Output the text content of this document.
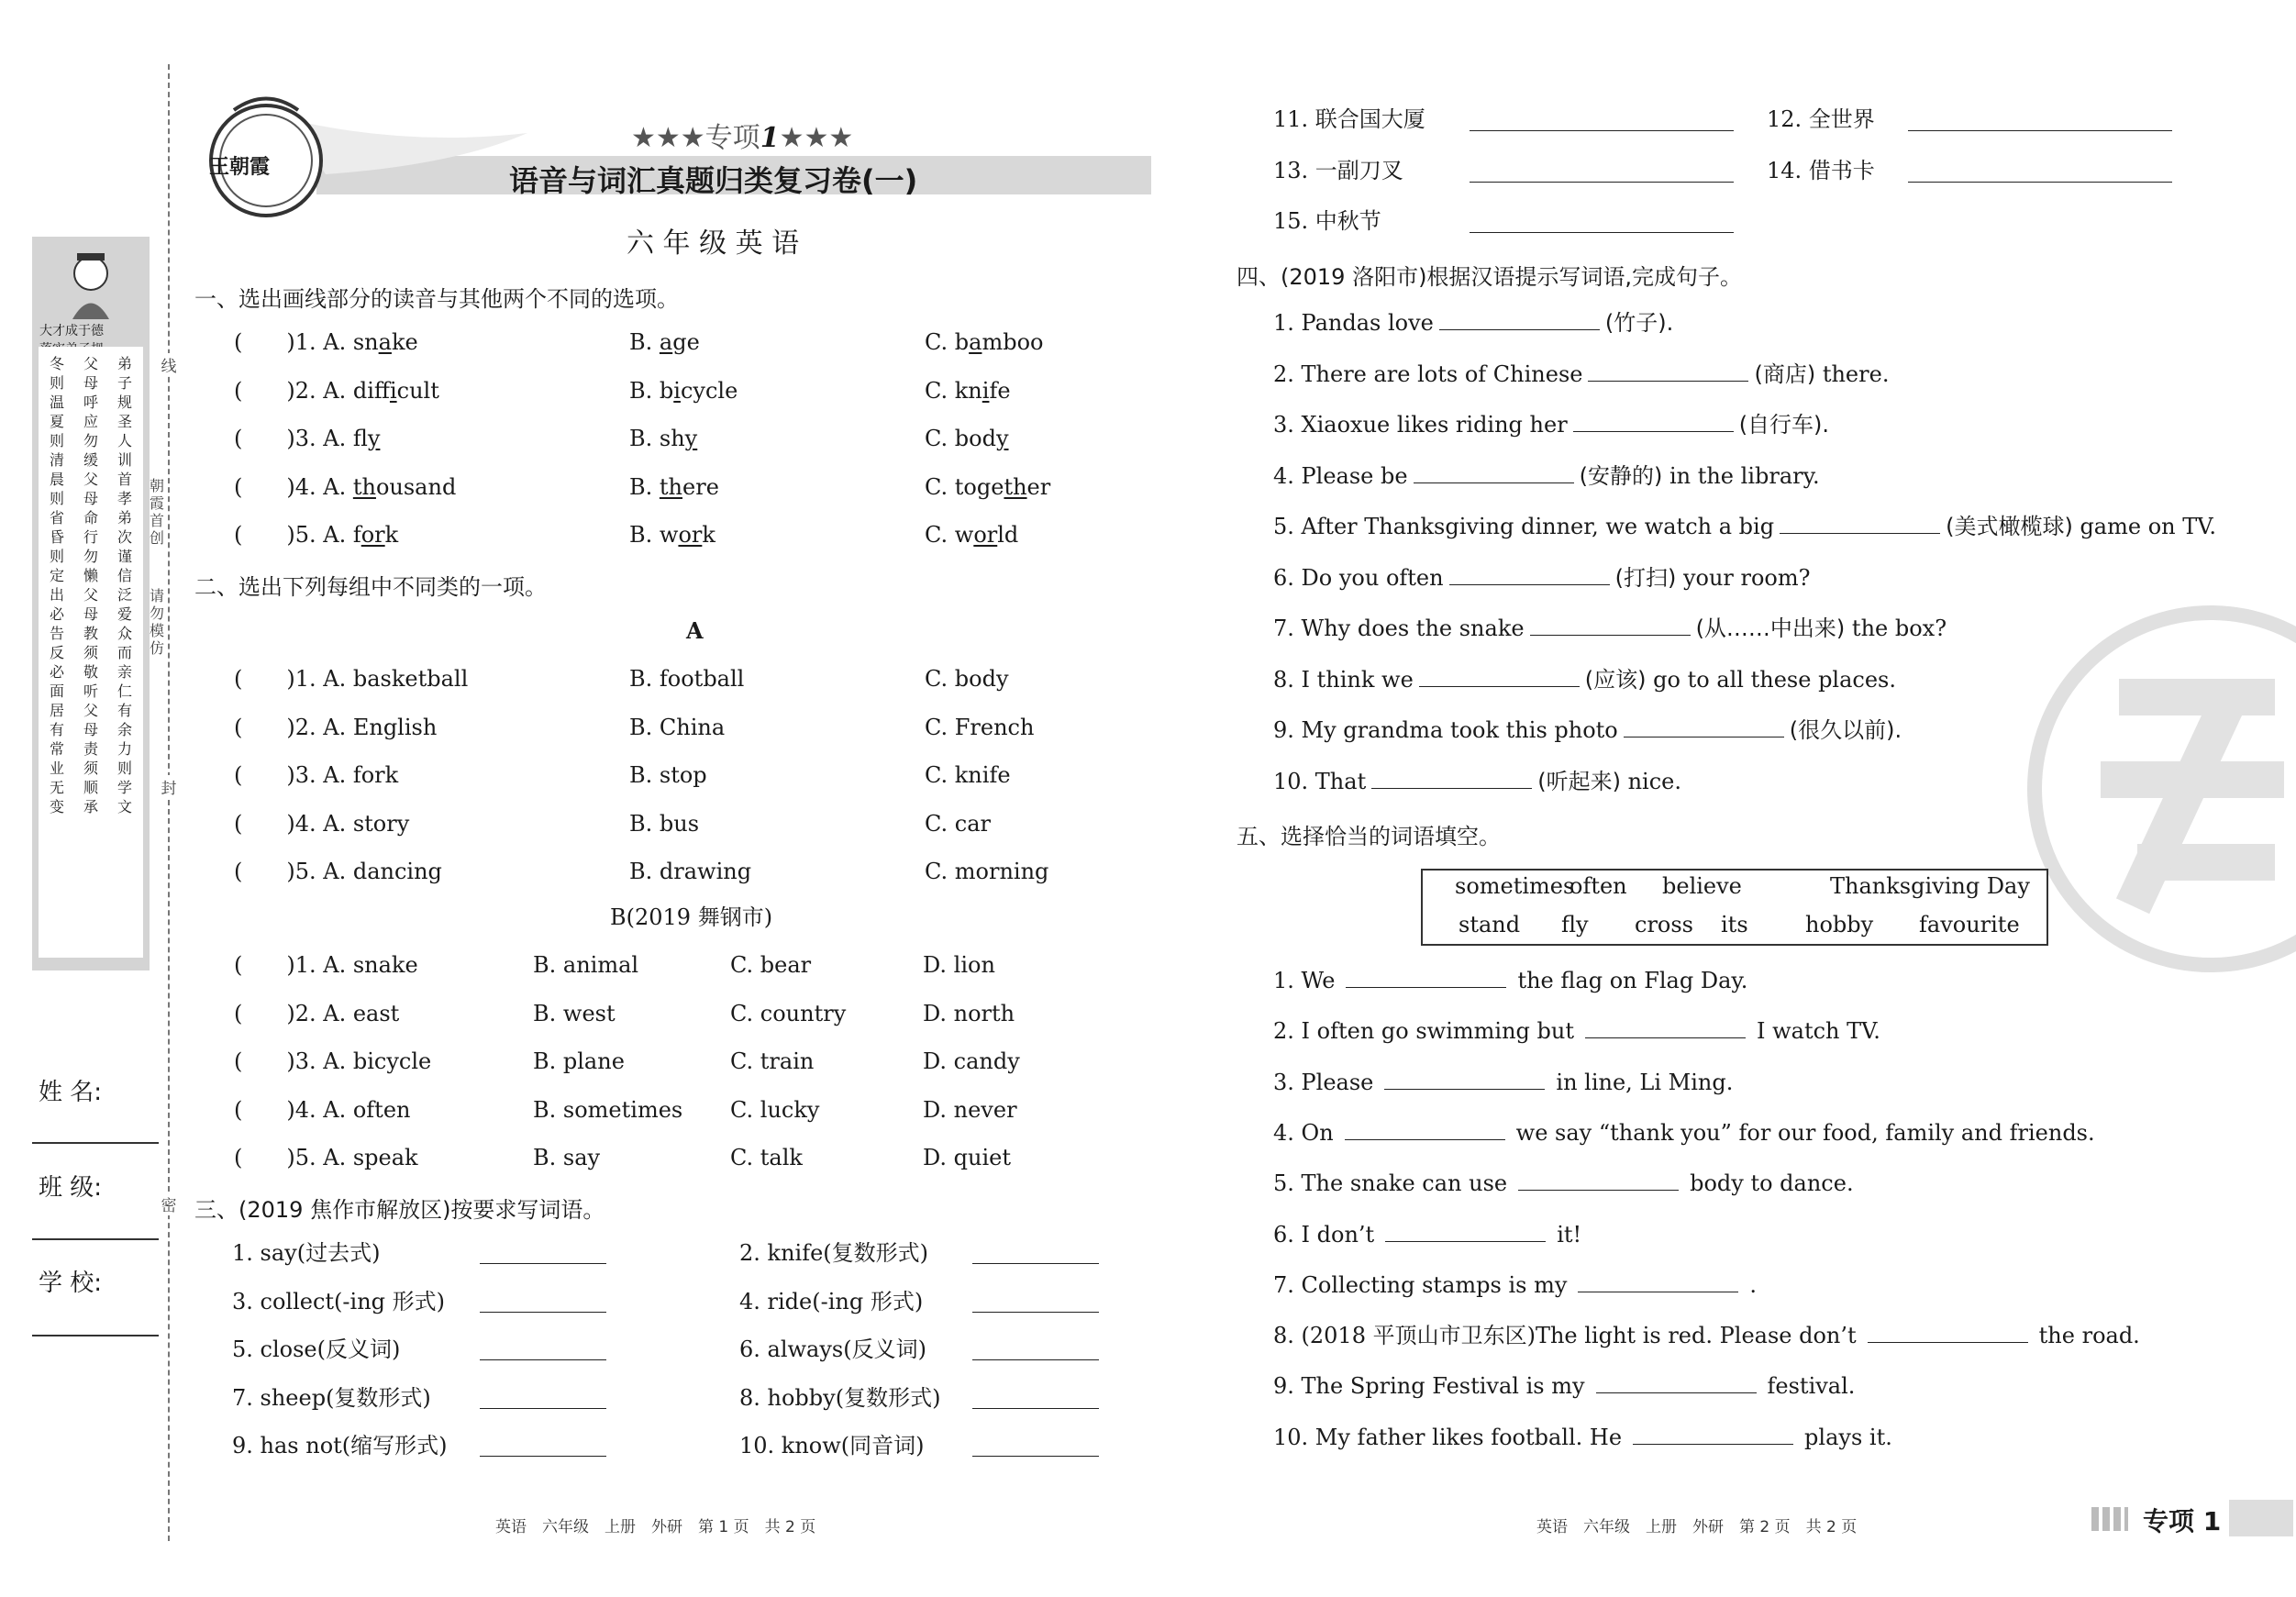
王朝霞
★★★专项1★★★
语音与词汇真题归类复习卷(一)
六 年 级 英 语
一、选出画线部分的读音与其他两个不同的选项。
(　　)1. A. snake	B. age	C. bamboo
(　　)2. A. difficult	B. bicycle	C. knife
(　　)3. A. fly	B. shy	C. body
(　　)4. A. thousand	B. there	C. together
(　　)5. A. fork	B. work	C. world
二、选出下列每组中不同类的一项。
A
(　　)1. A. basketball	B. football	C. body
(　　)2. A. English	B. China	C. French
(　　)3. A. fork	B. stop	C. knife
(　　)4. A. story	B. bus	C. car
(　　)5. A. dancing	B. drawing	C. morning
B(2019 舞钢市)
(　　)1. A. snake	B. animal	C. bear	D. lion
(　　)2. A. east	B. west	C. country	D. north
(　　)3. A. bicycle	B. plane	C. train	D. candy
(　　)4. A. often	B. sometimes C. lucky	D. never
(　　)5. A. speak	B. say	C. talk	D. quiet
三、(2019 焦作市解放区)按要求写词语。
1. say(过去式)	2. knife(复数形式)
3. collect(-ing 形式)	4. ride(-ing 形式)
5. close(反义词)	6. always(反义词)
7. sheep(复数形式)	8. hobby(复数形式)
9. has not(缩写形式)	10. know(同音词)
英语　六年级　上册　外研　第 1 页　共 2 页
大才成于德
弟子规圣人训首孝弟次谨信泛爱众而亲仁有余力则学文
父母呼应勿缓父母命行勿懒父母教须敬听父母责须顺承
冬则温夏则清晨则省昏则定出必告反必面居有常业无变
姓 名:
班 级:
学 校:
线
朝霞首创
请勿模仿
封
密
11. 联合国大厦	12. 全世界
13. 一副刀叉	14. 借书卡
15. 中秋节
四、(2019 洛阳市)根据汉语提示写词语,完成句子。
1. Pandas love	(竹子).
2. There are lots of Chinese	(商店) there.
3. Xiaoxue likes riding her	(自行车).
4. Please be	(安静的) in the library.
5. After Thanksgiving dinner, we watch a big	(美式橄榄球) game on TV.
6. Do you often	(打扫) your room?
7. Why does the snake	(从……中出来) the box?
8. I think we	(应该) go to all these places.
9. My grandma took this photo	(很久以前).
10. That	(听起来) nice.
五、选择恰当的词语填空。
sometimes
often believe	Thanksgiving Day
stand fly cross its	hobby favourite
1. We	the flag on Flag Day.
2. I often go swimming but	I watch TV.
3. Please	in line, Li Ming.
4. On	we say “thank you” for our food, family and friends.
5. The snake can use	body to dance.
6. I don’t	it!
7. Collecting stamps is my	.
8. (2018 平顶山市卫东区)The light is red. Please don’t	the road.
9. The Spring Festival is my	festival.
10. My father likes football. He	plays it.
英语　六年级　上册　外研　第 2 页　共 2 页	专项 1
